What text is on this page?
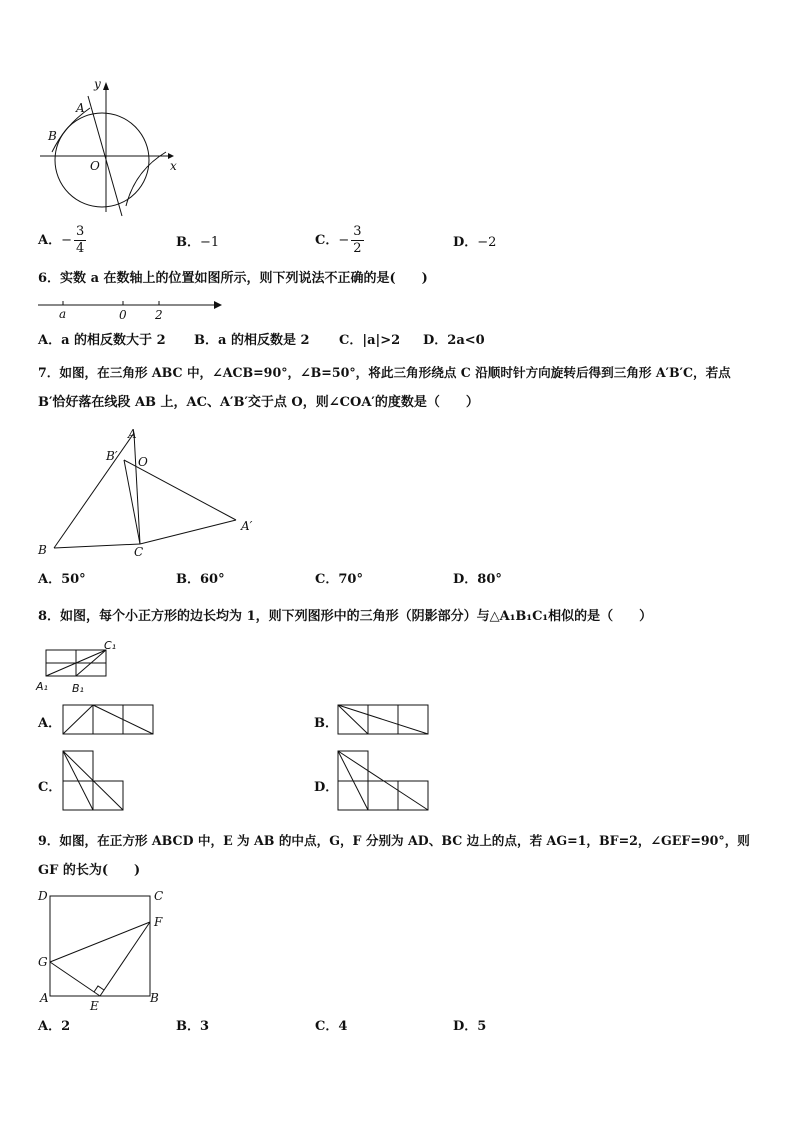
y
x
A
B
O
A．− $\frac{3}{4}$	B．−1	C．− $\frac{3}{2}$	D．−2
6．实数 a 在数轴上的位置如图所示，则下列说法不正确的是(　　)
a	0 2
A．a 的相反数大于 2 B．a 的相反数是 2 C．|a|>2 D．2a<0
7．如图，在三角形 ABC 中，∠ACB=90°，∠B=50°，将此三角形绕点 C 沿顺时针方向旋转后得到三角形 A′B′C，若点
B′恰好落在线段 AB 上，AC、A′B′交于点 O，则∠COA′的度数是（　　）
A
B′ O
A′
B	C
A．50°	B．60°	C．70°	D．80°
8．如图，每个小正方形的边长均为 1，则下列图形中的三角形（阴影部分）与△A₁B₁C₁相似的是（　　）
C₁
A₁ B₁
A．	B．
C．	D．
9．如图，在正方形 ABCD 中，E 为 AB 的中点，G，F 分别为 AD、BC 边上的点，若 AG=1，BF=2，∠GEF=90°，则
GF 的长为(　　)
D	C
F
G
A
E
B
A．2	B．3	C．4	D．5
